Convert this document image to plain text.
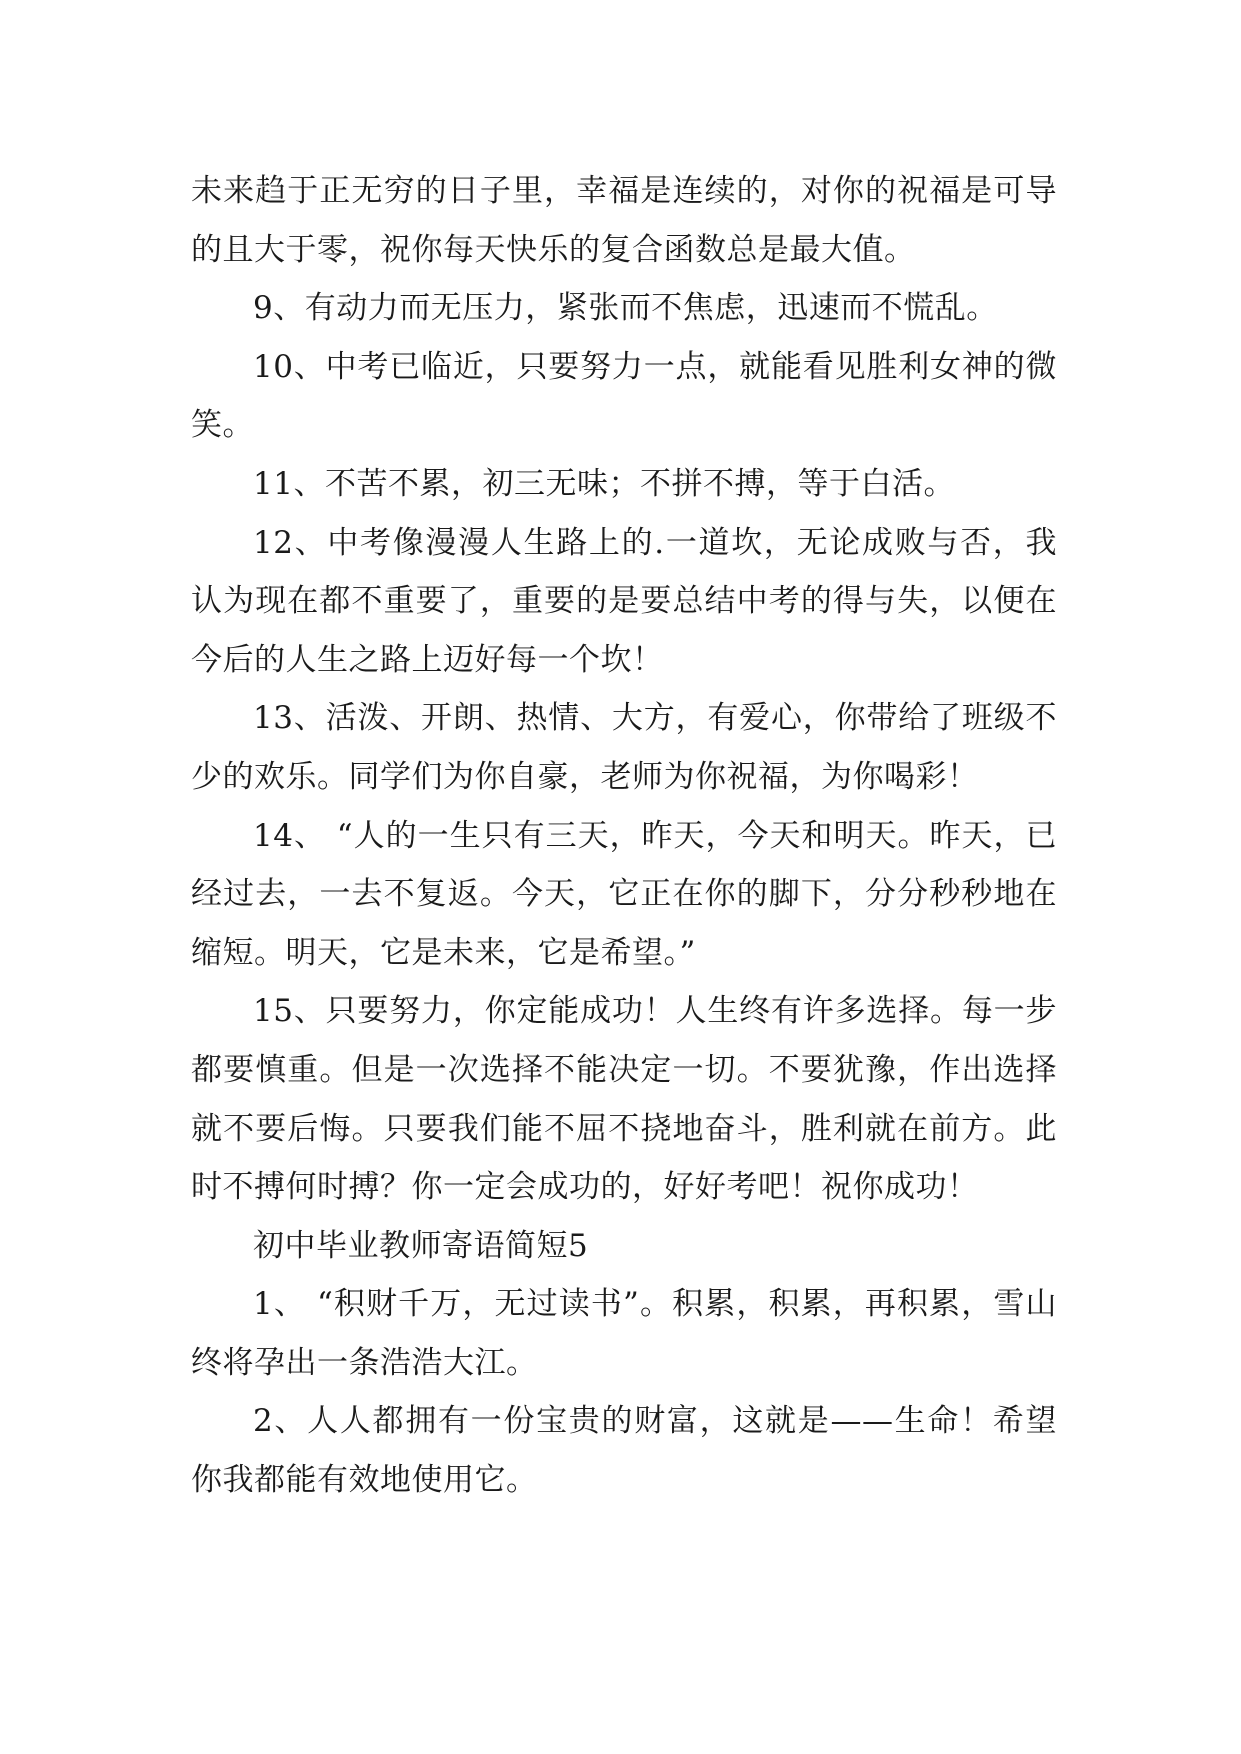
未来趋于正无穷的日子里，幸福是连续的，对你的祝福是可导的且大于零，祝你每天快乐的复合函数总是最大值。

9、有动力而无压力，紧张而不焦虑，迅速而不慌乱。

10、中考已临近，只要努力一点，就能看见胜利女神的微笑。

11、不苦不累，初三无味；不拼不搏，等于白活。

12、中考像漫漫人生路上的.一道坎，无论成败与否，我认为现在都不重要了，重要的是要总结中考的得与失，以便在今后的人生之路上迈好每一个坎！

13、活泼、开朗、热情、大方，有爱心，你带给了班级不少的欢乐。同学们为你自豪，老师为你祝福，为你喝彩！

14、 “人的一生只有三天，昨天，今天和明天。昨天，已经过去，一去不复返。今天，它正在你的脚下，分分秒秒地在缩短。明天，它是未来，它是希望。”

15、只要努力，你定能成功！人生终有许多选择。每一步都要慎重。但是一次选择不能决定一切。不要犹豫，作出选择就不要后悔。只要我们能不屈不挠地奋斗，胜利就在前方。此时不搏何时搏？你一定会成功的，好好考吧！祝你成功！

初中毕业教师寄语简短5

1、 “积财千万，无过读书”。积累，积累，再积累，雪山终将孕出一条浩浩大江。

2、人人都拥有一份宝贵的财富，这就是——生命！希望你我都能有效地使用它。
